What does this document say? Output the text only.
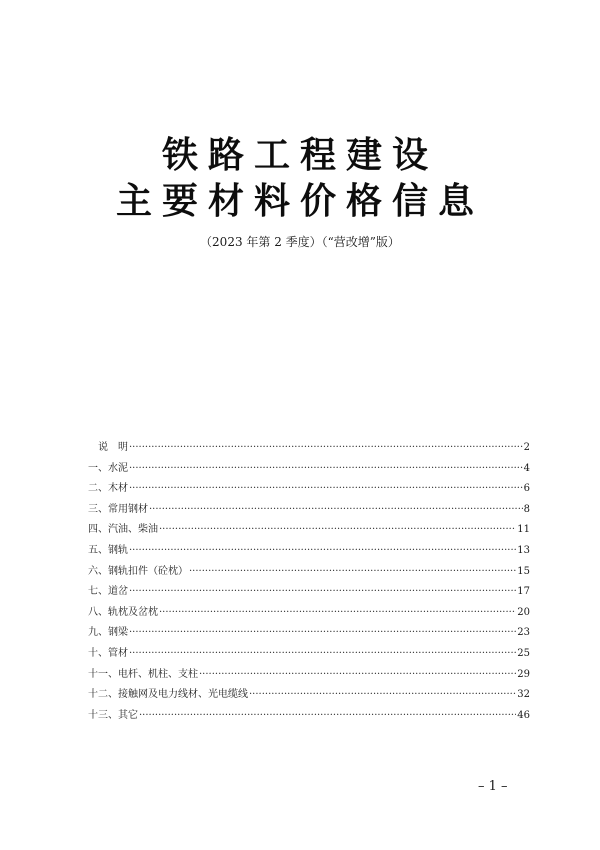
铁路工程建设
主要材料价格信息
（2023 年第 2 季度）（“营改增”版）
说　明 ·····	2
一、水泥 ·····	4
二、木材 ·····	6
三、常用钢材 ·····	8
四、汽油、柴油 ·····	11
五、钢轨 ·····	13
六、钢轨扣件（砼枕） ·····	15
七、道岔 ·····	17
八、轨枕及岔枕 ·····	20
九、钢梁 ·····	23
十、管材 ·····	25
十一、电杆、机柱、支柱 ·····	29
十二、接触网及电力线材、光电缆线 ·····	32
十三、其它 ·····	46
– 1 –
